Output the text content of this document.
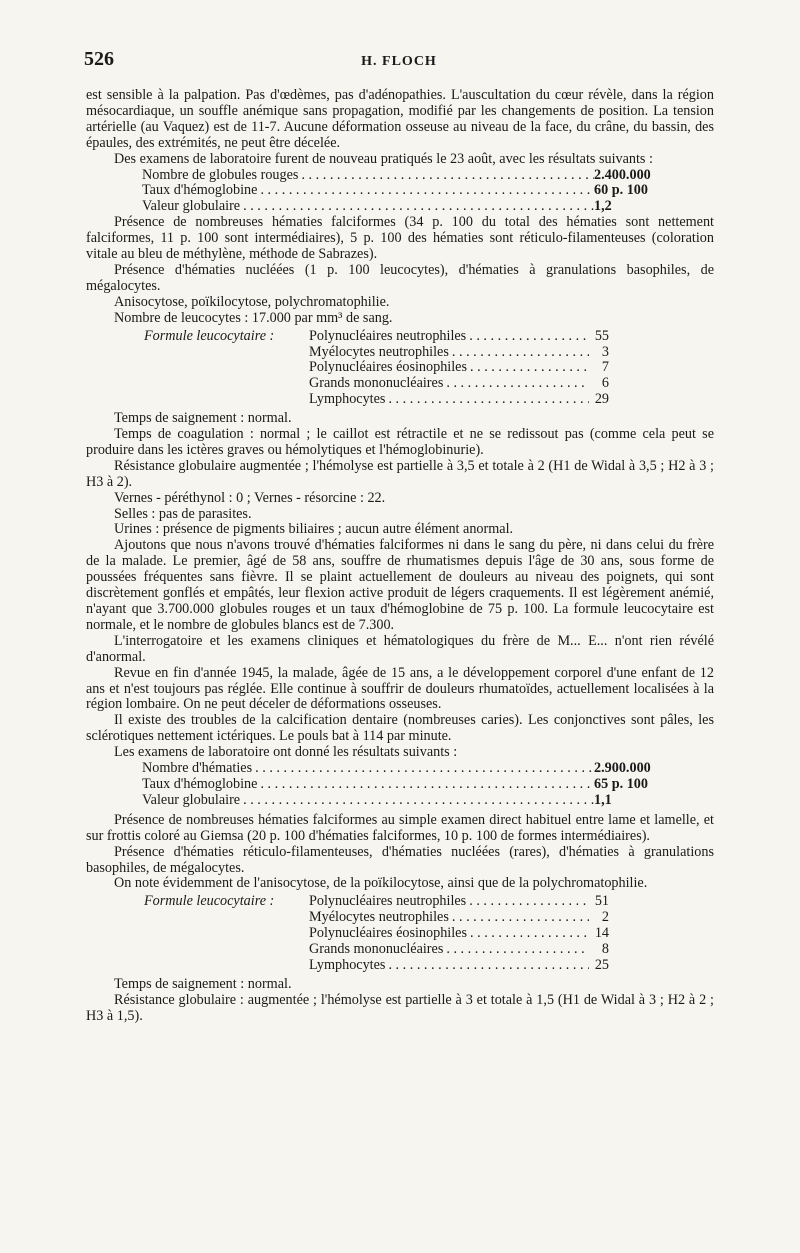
526	H. FLOCH

est sensible à la palpation. Pas d'œdèmes, pas d'adénopathies. L'auscultation du cœur révèle, dans la région mésocardiaque, un souffle anémique sans propagation, modifié par les changements de position. La tension artérielle (au Vaquez) est de 11-7. Aucune déformation osseuse au niveau de la face, du crâne, du bassin, des épaules, des extrémités, ne peut être décelée.

Des examens de laboratoire furent de nouveau pratiqués le 23 août, avec les résultats suivants :

Nombre de globules rouges . . .	2.400.000
Taux d'hémoglobine . . .	60 p. 100
Valeur globulaire . . .	1,2

Présence de nombreuses hématies falciformes (34 p. 100 du total des hématies sont nettement falciformes, 11 p. 100 sont intermédiaires), 5 p. 100 des hématies sont réticulo-filamenteuses (coloration vitale au bleu de méthylène, méthode de Sabrazes).

Présence d'hématies nucléées (1 p. 100 leucocytes), d'hématies à granulations basophiles, de mégalocytes.

Anisocytose, poïkilocytose, polychromatophilie.

Nombre de leucocytes : 17.000 par mm³ de sang.

Formule leucocytaire :	Polynucléaires neutrophiles . . .	55
Myélocytes neutrophiles . . .	3
Polynucléaires éosinophiles . . .	7
Grands mononucléaires . . .	6
Lymphocytes . . .	29

Temps de saignement : normal.

Temps de coagulation : normal ; le caillot est rétractile et ne se redissout pas (comme cela peut se produire dans les ictères graves ou hémolytiques et l'hémoglobinurie).

Résistance globulaire augmentée ; l'hémolyse est partielle à 3,5 et totale à 2 (H1 de Widal à 3,5 ; H2 à 3 ; H3 à 2).

Vernes - péréthynol : 0 ; Vernes - résorcine : 22.

Selles : pas de parasites.

Urines : présence de pigments biliaires ; aucun autre élément anormal.

Ajoutons que nous n'avons trouvé d'hématies falciformes ni dans le sang du père, ni dans celui du frère de la malade. Le premier, âgé de 58 ans, souffre de rhumatismes depuis l'âge de 30 ans, sous forme de poussées fréquentes sans fièvre. Il se plaint actuellement de douleurs au niveau des poignets, qui sont discrètement gonflés et empâtés, leur flexion active produit de légers craquements. Il est légèrement anémié, n'ayant que 3.700.000 globules rouges et un taux d'hémoglobine de 75 p. 100. La formule leucocytaire est normale, et le nombre de globules blancs est de 7.300.

L'interrogatoire et les examens cliniques et hématologiques du frère de M... E... n'ont rien révélé d'anormal.

Revue en fin d'année 1945, la malade, âgée de 15 ans, a le développement corporel d'une enfant de 12 ans et n'est toujours pas réglée. Elle continue à souffrir de douleurs rhumatoïdes, actuellement localisées à la région lombaire. On ne peut déceler de déformations osseuses.

Il existe des troubles de la calcification dentaire (nombreuses caries). Les conjonctives sont pâles, les sclérotiques nettement ictériques. Le pouls bat à 114 par minute.

Les examens de laboratoire ont donné les résultats suivants :

Nombre d'hématies . . .	2.900.000
Taux d'hémoglobine . . .	65 p. 100
Valeur globulaire . . .	1,1

Présence de nombreuses hématies falciformes au simple examen direct habituel entre lame et lamelle, et sur frottis coloré au Giemsa (20 p. 100 d'hématies falciformes, 10 p. 100 de formes intermédiaires).

Présence d'hématies réticulo-filamenteuses, d'hématies nucléées (rares), d'hématies à granulations basophiles, de mégalocytes.

On note évidemment de l'anisocytose, de la poïkilocytose, ainsi que de la polychromatophilie.

Formule leucocytaire :	Polynucléaires neutrophiles . . .	51
Myélocytes neutrophiles . . .	2
Polynucléaires éosinophiles . . .	14
Grands mononucléaires . . .	8
Lymphocytes . . .	25

Temps de saignement : normal.

Résistance globulaire : augmentée ; l'hémolyse est partielle à 3 et totale à 1,5 (H1 de Widal à 3 ; H2 à 2 ; H3 à 1,5).
